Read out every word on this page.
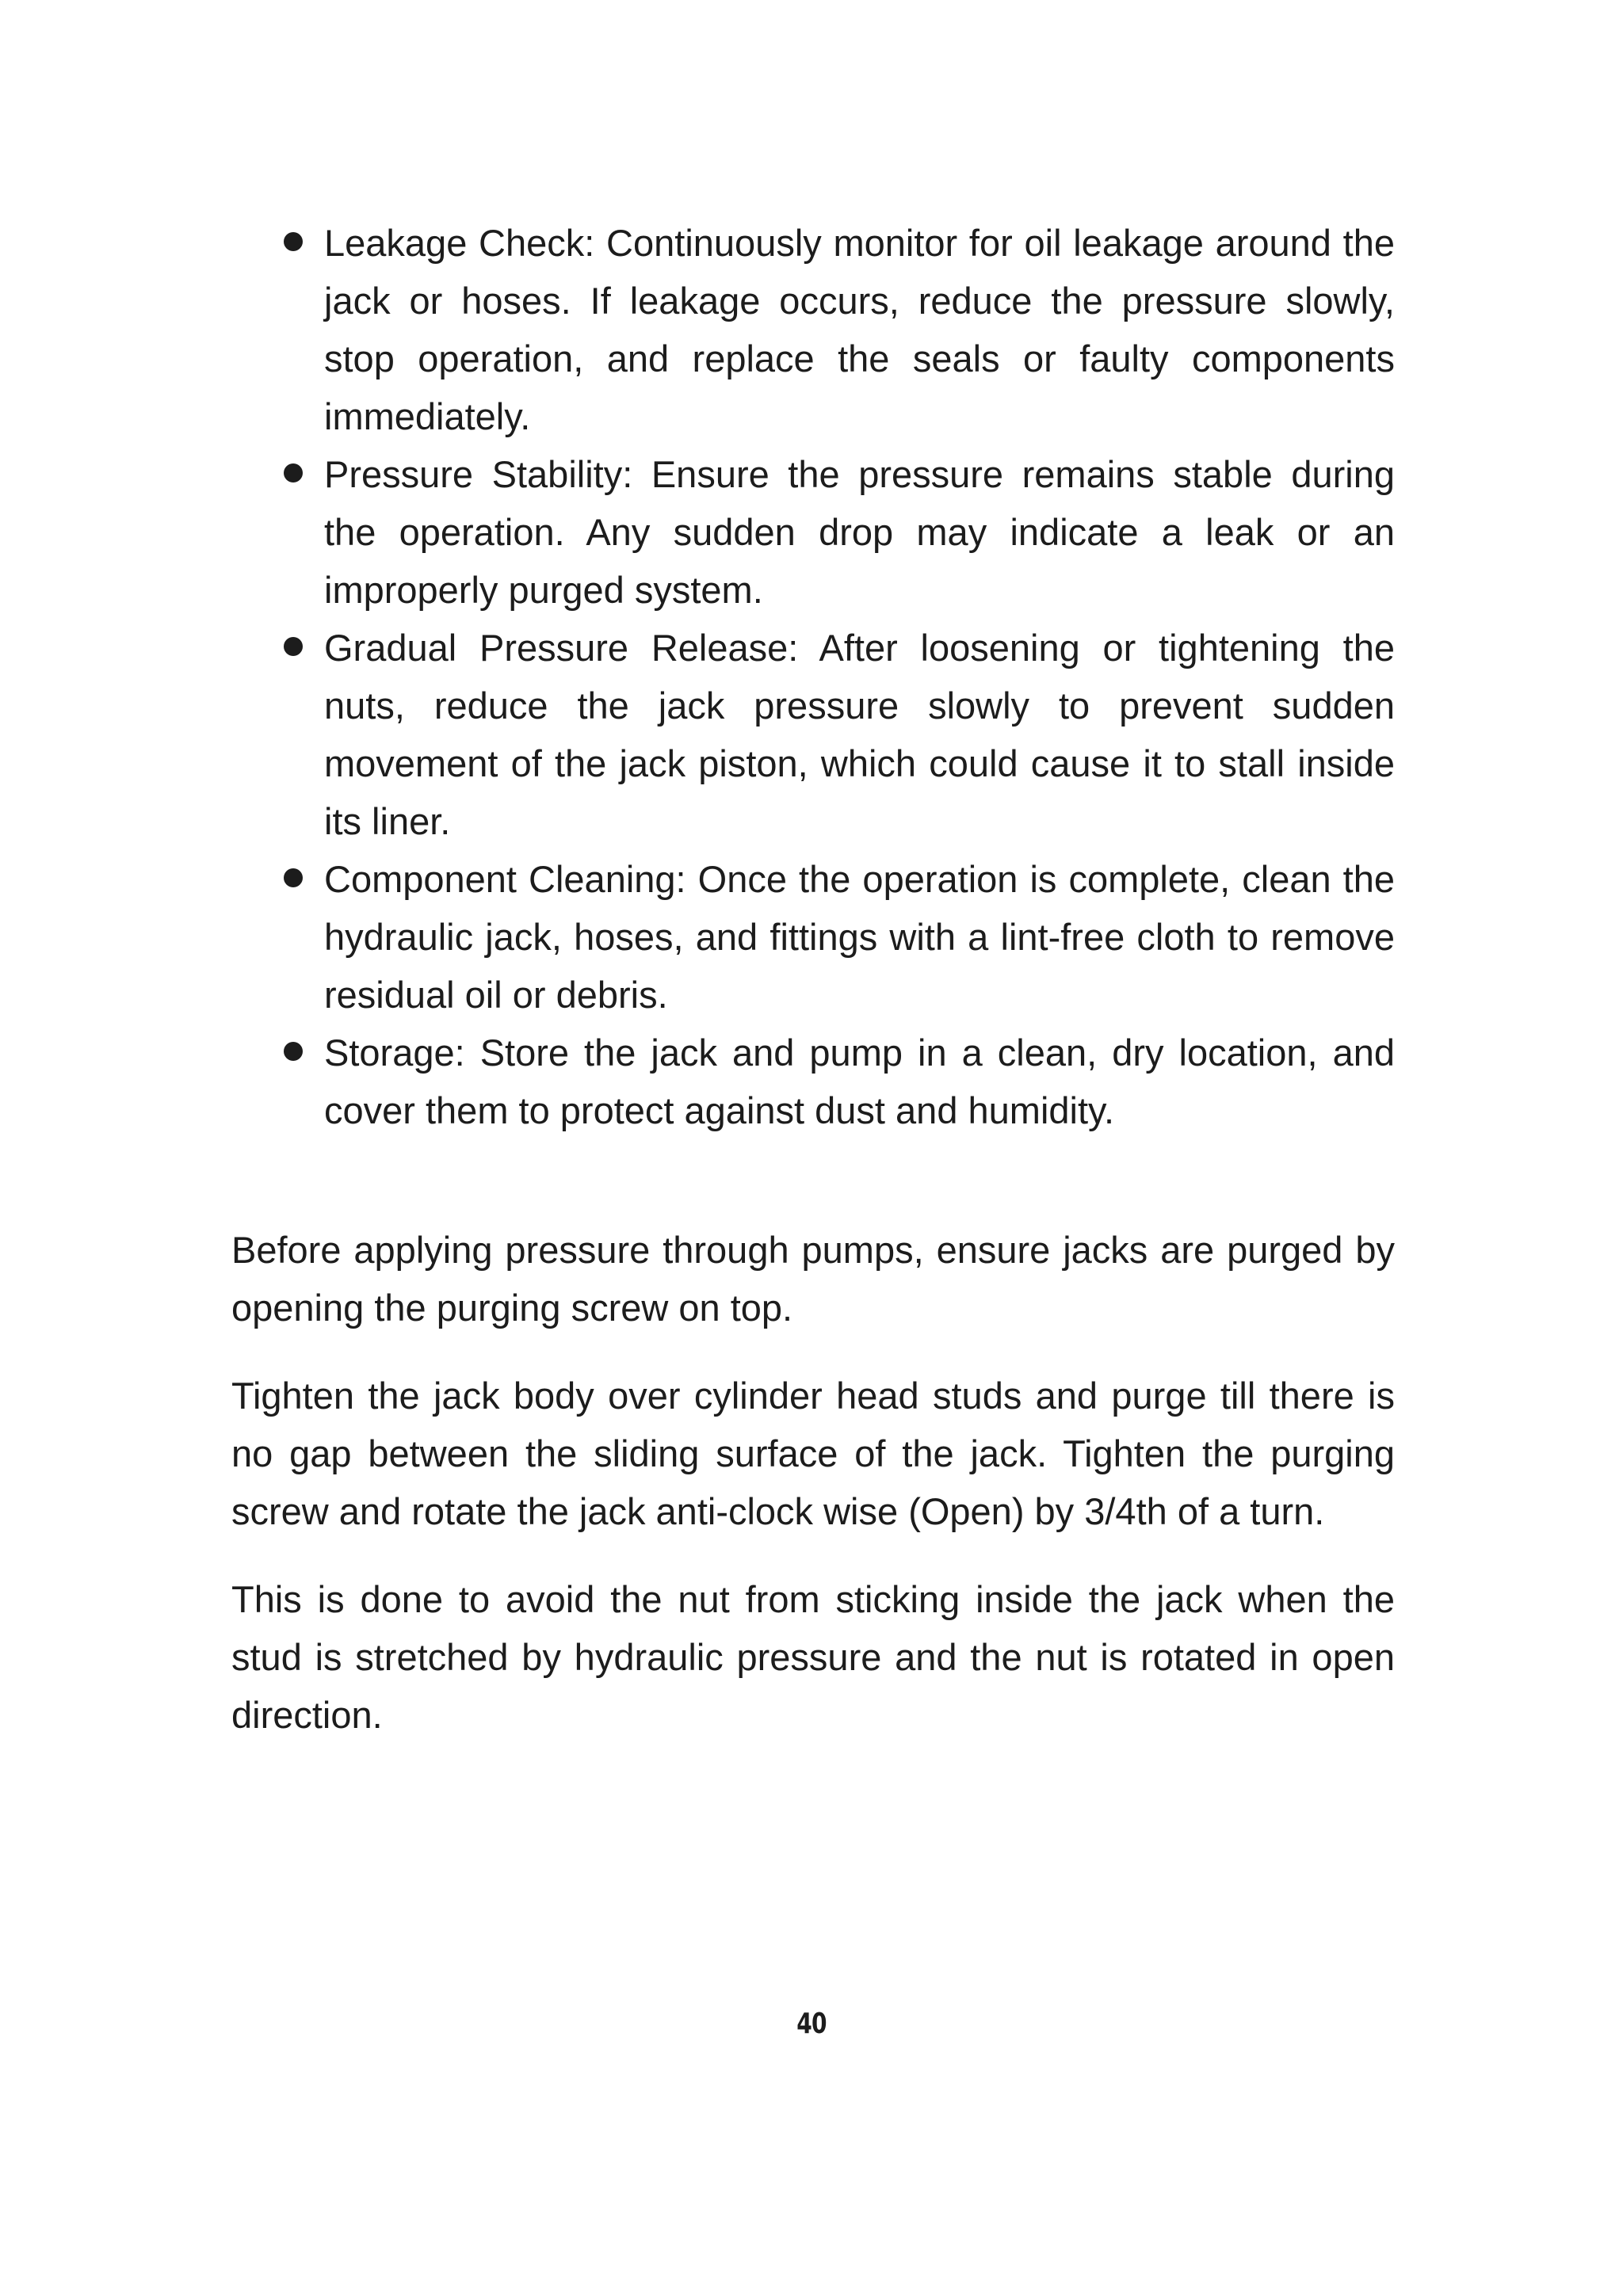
Leakage Check: Continuously monitor for oil leakage around the jack or hoses. If leakage occurs, reduce the pressure slowly, stop operation, and replace the seals or faulty components immediately.
Pressure Stability: Ensure the pressure remains stable during the operation. Any sudden drop may indicate a leak or an improperly purged system.
Gradual Pressure Release: After loosening or tightening the nuts, reduce the jack pressure slowly to prevent sudden movement of the jack piston, which could cause it to stall inside its liner.
Component Cleaning: Once the operation is complete, clean the hydraulic jack, hoses, and fittings with a lint-free cloth to remove residual oil or debris.
Storage: Store the jack and pump in a clean, dry location, and cover them to protect against dust and humidity.

Before applying pressure through pumps, ensure jacks are purged by opening the purging screw on top.

Tighten the jack body over cylinder head studs and purge till there is no gap between the sliding surface of the jack. Tighten the purging screw and rotate the jack anti-clock wise (Open) by 3/4th of a turn.

This is done to avoid the nut from sticking inside the jack when the stud is stretched by hydraulic pressure and the nut is rotated in open direction.

40
